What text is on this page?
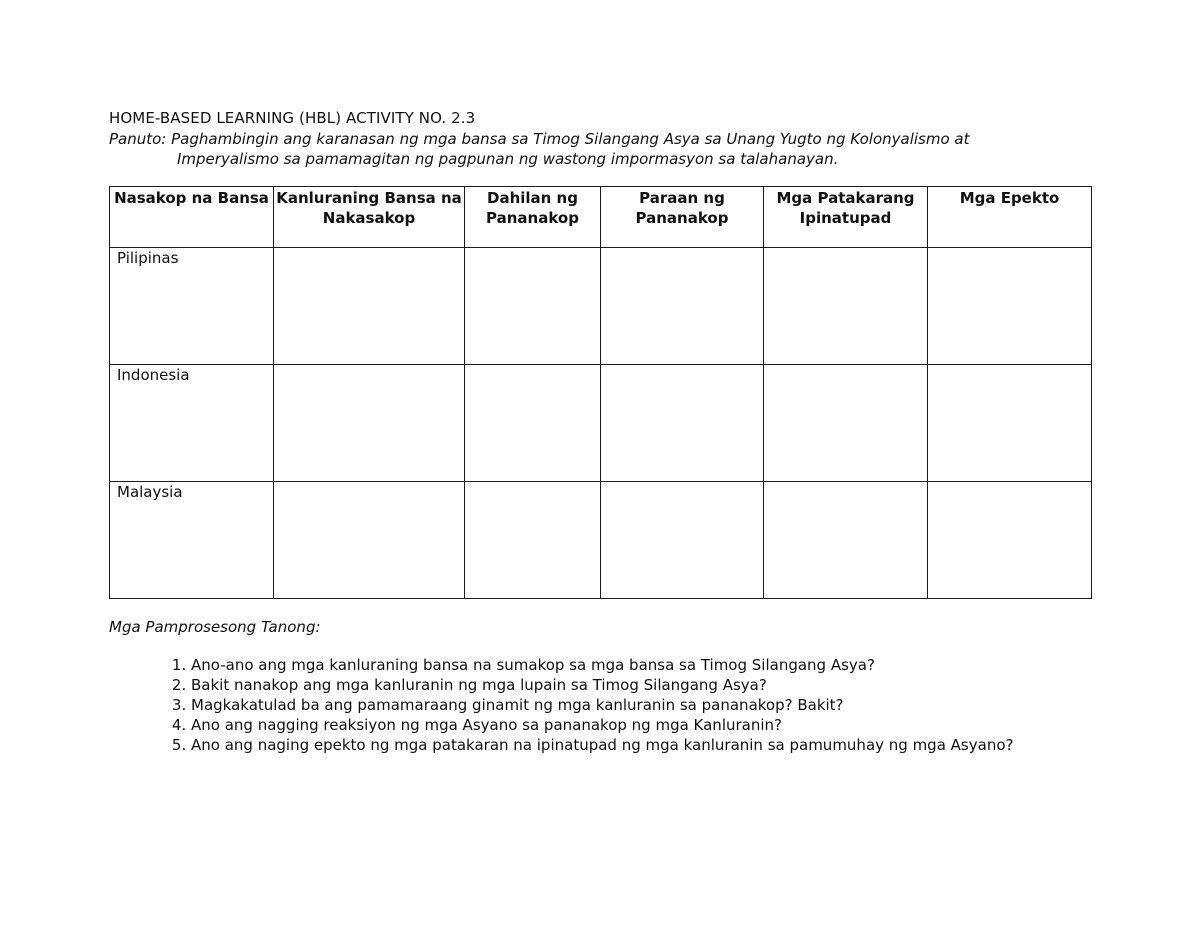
HOME-BASED LEARNING (HBL) ACTIVITY NO. 2.3
Panuto: Paghambingin ang karanasan ng mga bansa sa Timog Silangang Asya sa Unang Yugto ng Kolonyalismo at
Imperyalismo sa pamamagitan ng pagpunan ng wastong impormasyon sa talahanayan.
Nasakop na Bansa	Kanluraning Bansa na Nakasakop	Dahilan ng Pananakop	Paraan ng Pananakop	Mga Patakarang Ipinatupad	Mga Epekto
Pilipinas					
Indonesia					
Malaysia					
Mga Pamprosesong Tanong:
1. Ano-ano ang mga kanluraning bansa na sumakop sa mga bansa sa Timog Silangang Asya?
2. Bakit nanakop ang mga kanluranin ng mga lupain sa Timog Silangang Asya?
3. Magkakatulad ba ang pamamaraang ginamit ng mga kanluranin sa pananakop? Bakit?
4. Ano ang nagging reaksiyon ng mga Asyano sa pananakop ng mga Kanluranin?
5. Ano ang naging epekto ng mga patakaran na ipinatupad ng mga kanluranin sa pamumuhay ng mga Asyano?
